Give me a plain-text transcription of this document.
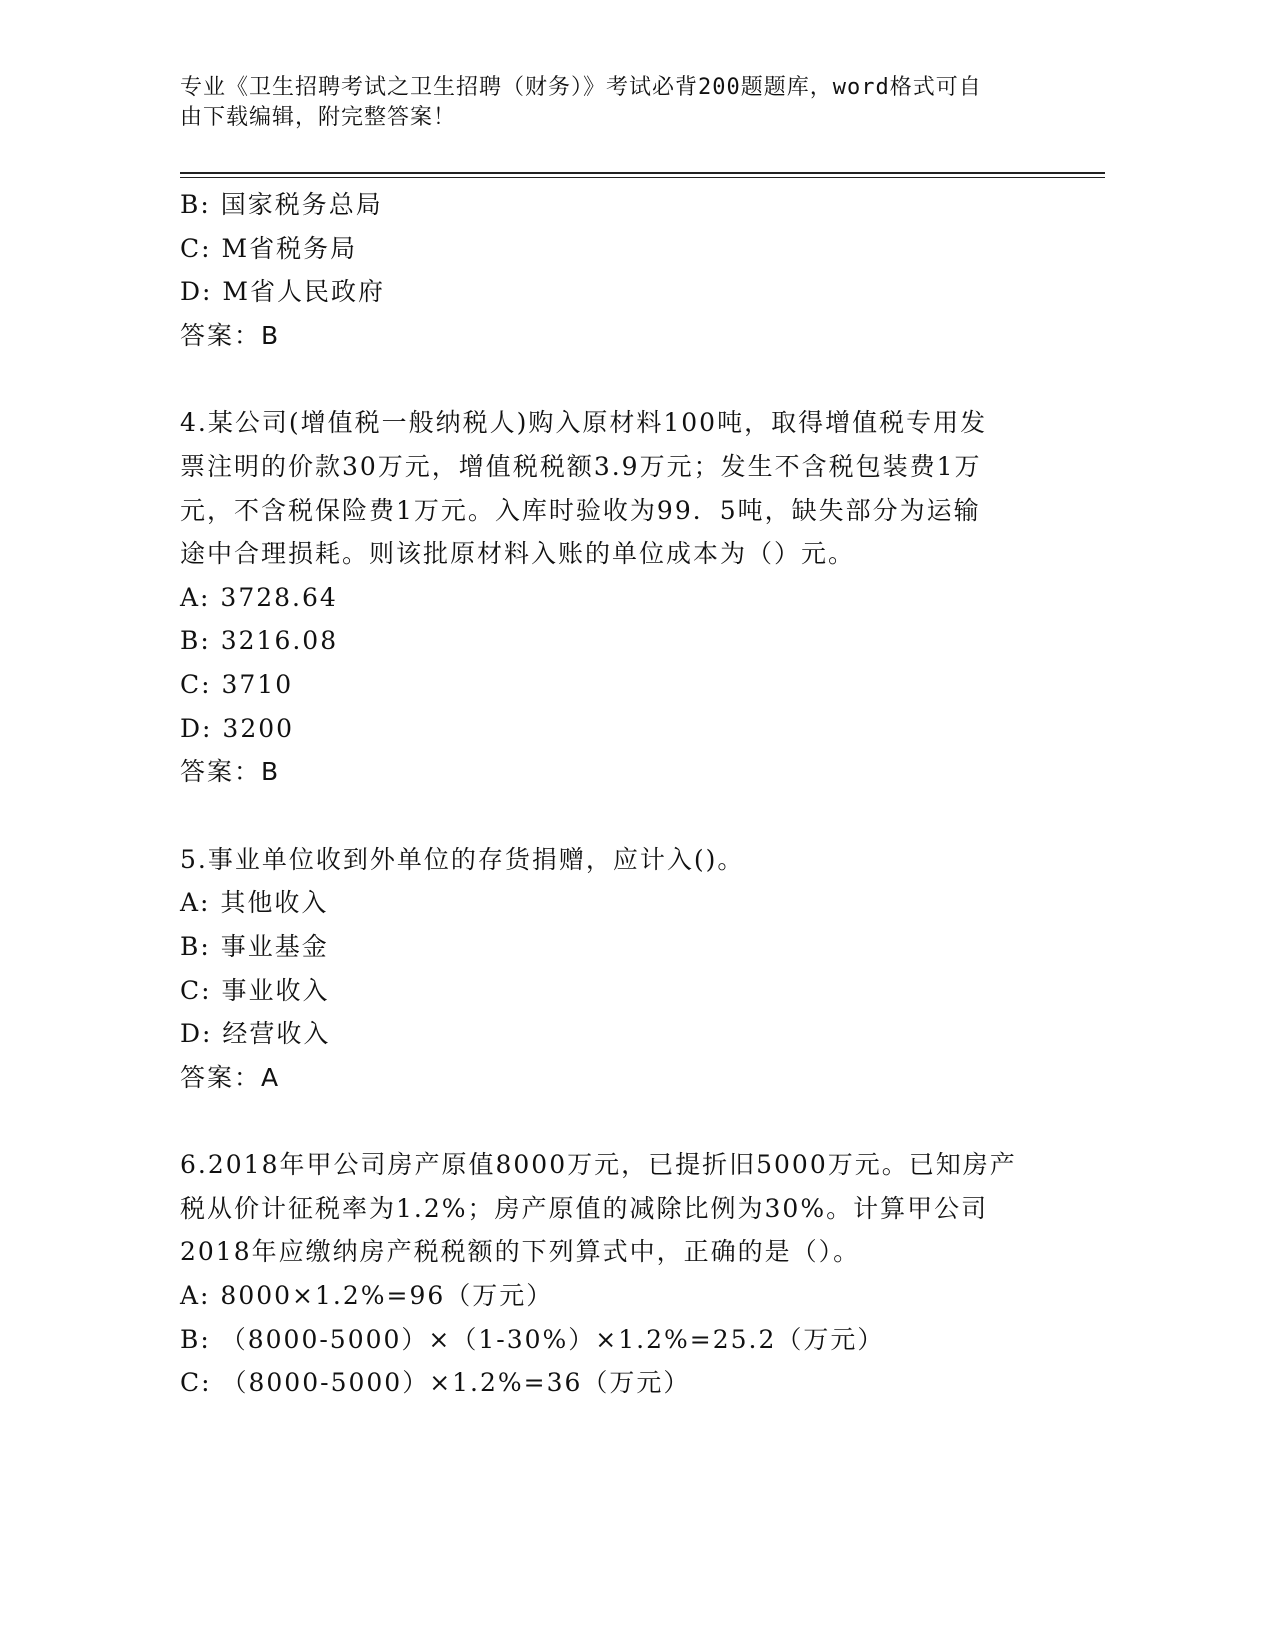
专业《卫生招聘考试之卫生招聘（财务）》考试必背200题题库，word格式可自
由下载编辑，附完整答案！
B: 国家税务总局
C: M省税务局
D: M省人民政府
答案：B
4.某公司(增值税一般纳税人)购入原材料100吨，取得增值税专用发
票注明的价款30万元，增值税税额3.9万元；发生不含税包装费1万
元，不含税保险费1万元。入库时验收为99．5吨，缺失部分为运输
途中合理损耗。则该批原材料入账的单位成本为（）元。
A: 3728.64
B: 3216.08
C: 3710
D: 3200
答案：B
5.事业单位收到外单位的存货捐赠，应计入()。
A: 其他收入
B: 事业基金
C: 事业收入
D: 经营收入
答案：A
6.2018年甲公司房产原值8000万元，已提折旧5000万元。已知房产
税从价计征税率为1.2%；房产原值的减除比例为30%。计算甲公司
2018年应缴纳房产税税额的下列算式中，正确的是（）。
A: 8000×1.2%=96（万元）
B: （8000-5000）×（1-30%）×1.2%=25.2（万元）
C: （8000-5000）×1.2%=36（万元）
